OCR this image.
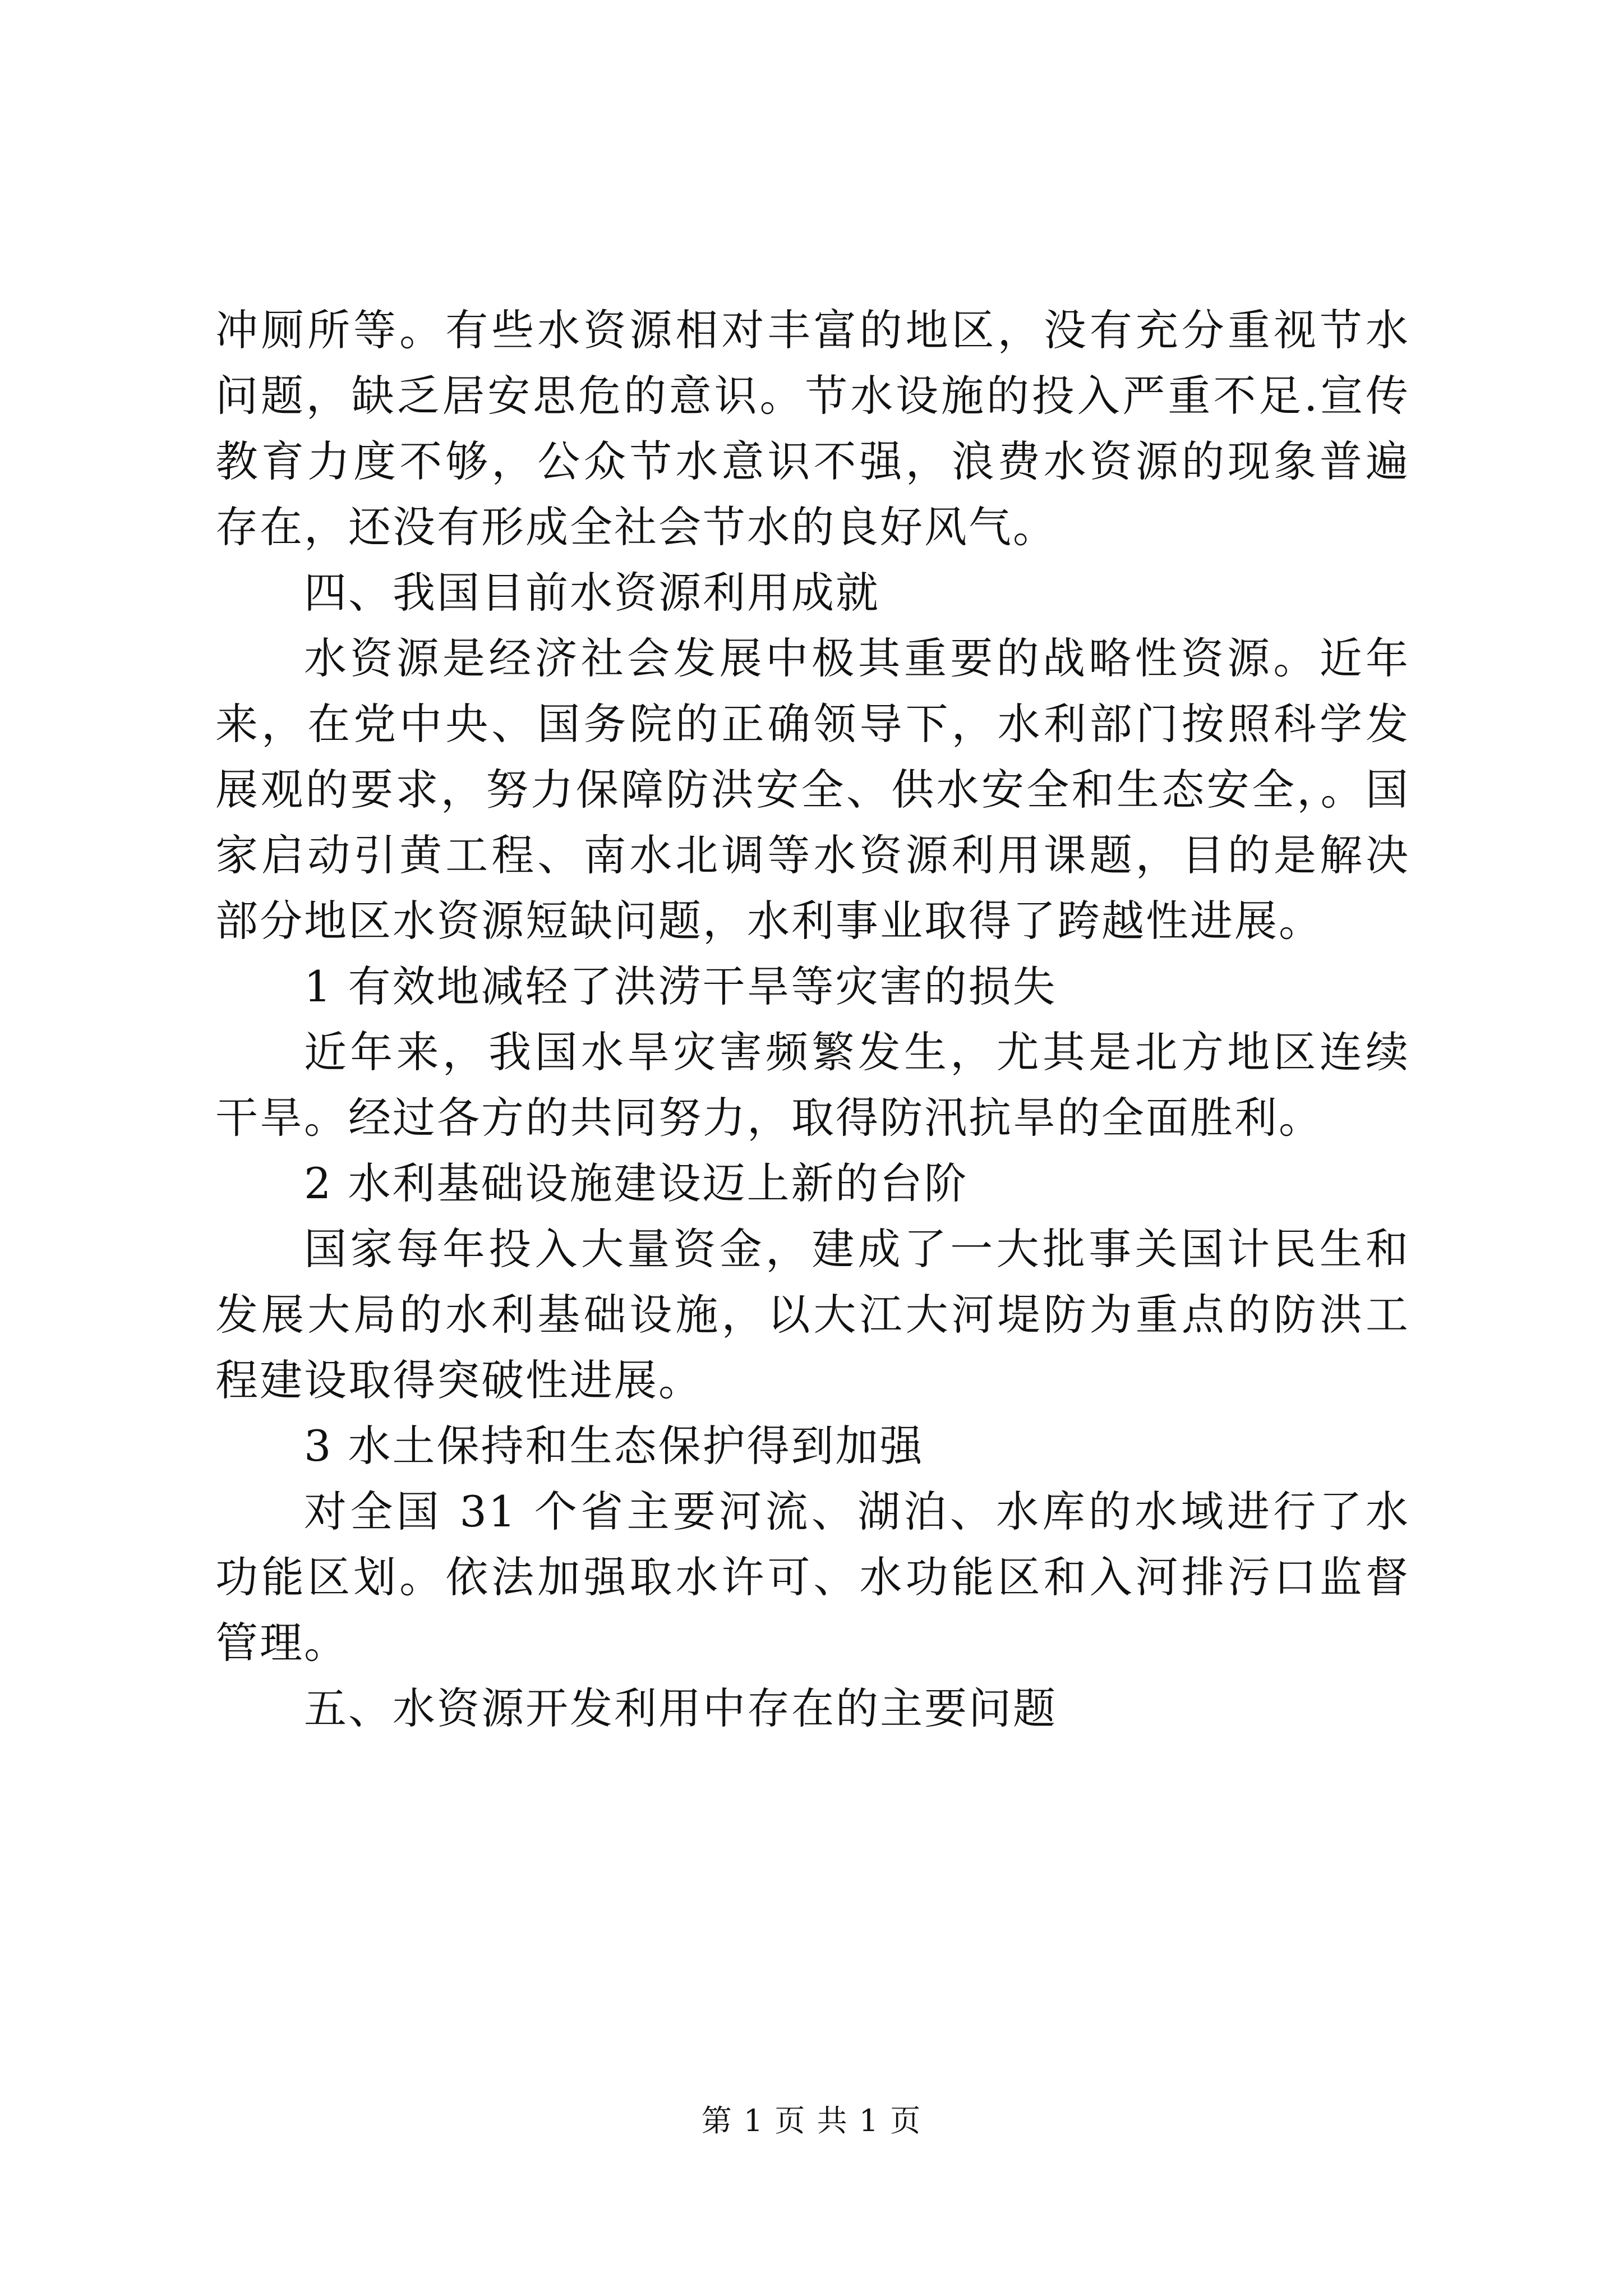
冲厕所等。有些水资源相对丰富的地区，没有充分重视节水问题，缺乏居安思危的意识。节水设施的投入严重不足.宣传教育力度不够，公众节水意识不强，浪费水资源的现象普遍存在，还没有形成全社会节水的良好风气。

四、我国目前水资源利用成就

水资源是经济社会发展中极其重要的战略性资源。近年来，在党中央、国务院的正确领导下，水利部门按照科学发展观的要求，努力保障防洪安全、供水安全和生态安全，。国家启动引黄工程、南水北调等水资源利用课题，目的是解决部分地区水资源短缺问题，水利事业取得了跨越性进展。

1 有效地减轻了洪涝干旱等灾害的损失

近年来，我国水旱灾害频繁发生，尤其是北方地区连续干旱。经过各方的共同努力，取得防汛抗旱的全面胜利。

2 水利基础设施建设迈上新的台阶

国家每年投入大量资金，建成了一大批事关国计民生和发展大局的水利基础设施，以大江大河堤防为重点的防洪工程建设取得突破性进展。

3 水土保持和生态保护得到加强

对全国 31 个省主要河流、湖泊、水库的水域进行了水功能区划。依法加强取水许可、水功能区和入河排污口监督管理。

五、水资源开发利用中存在的主要问题

第 1 页 共 1 页
